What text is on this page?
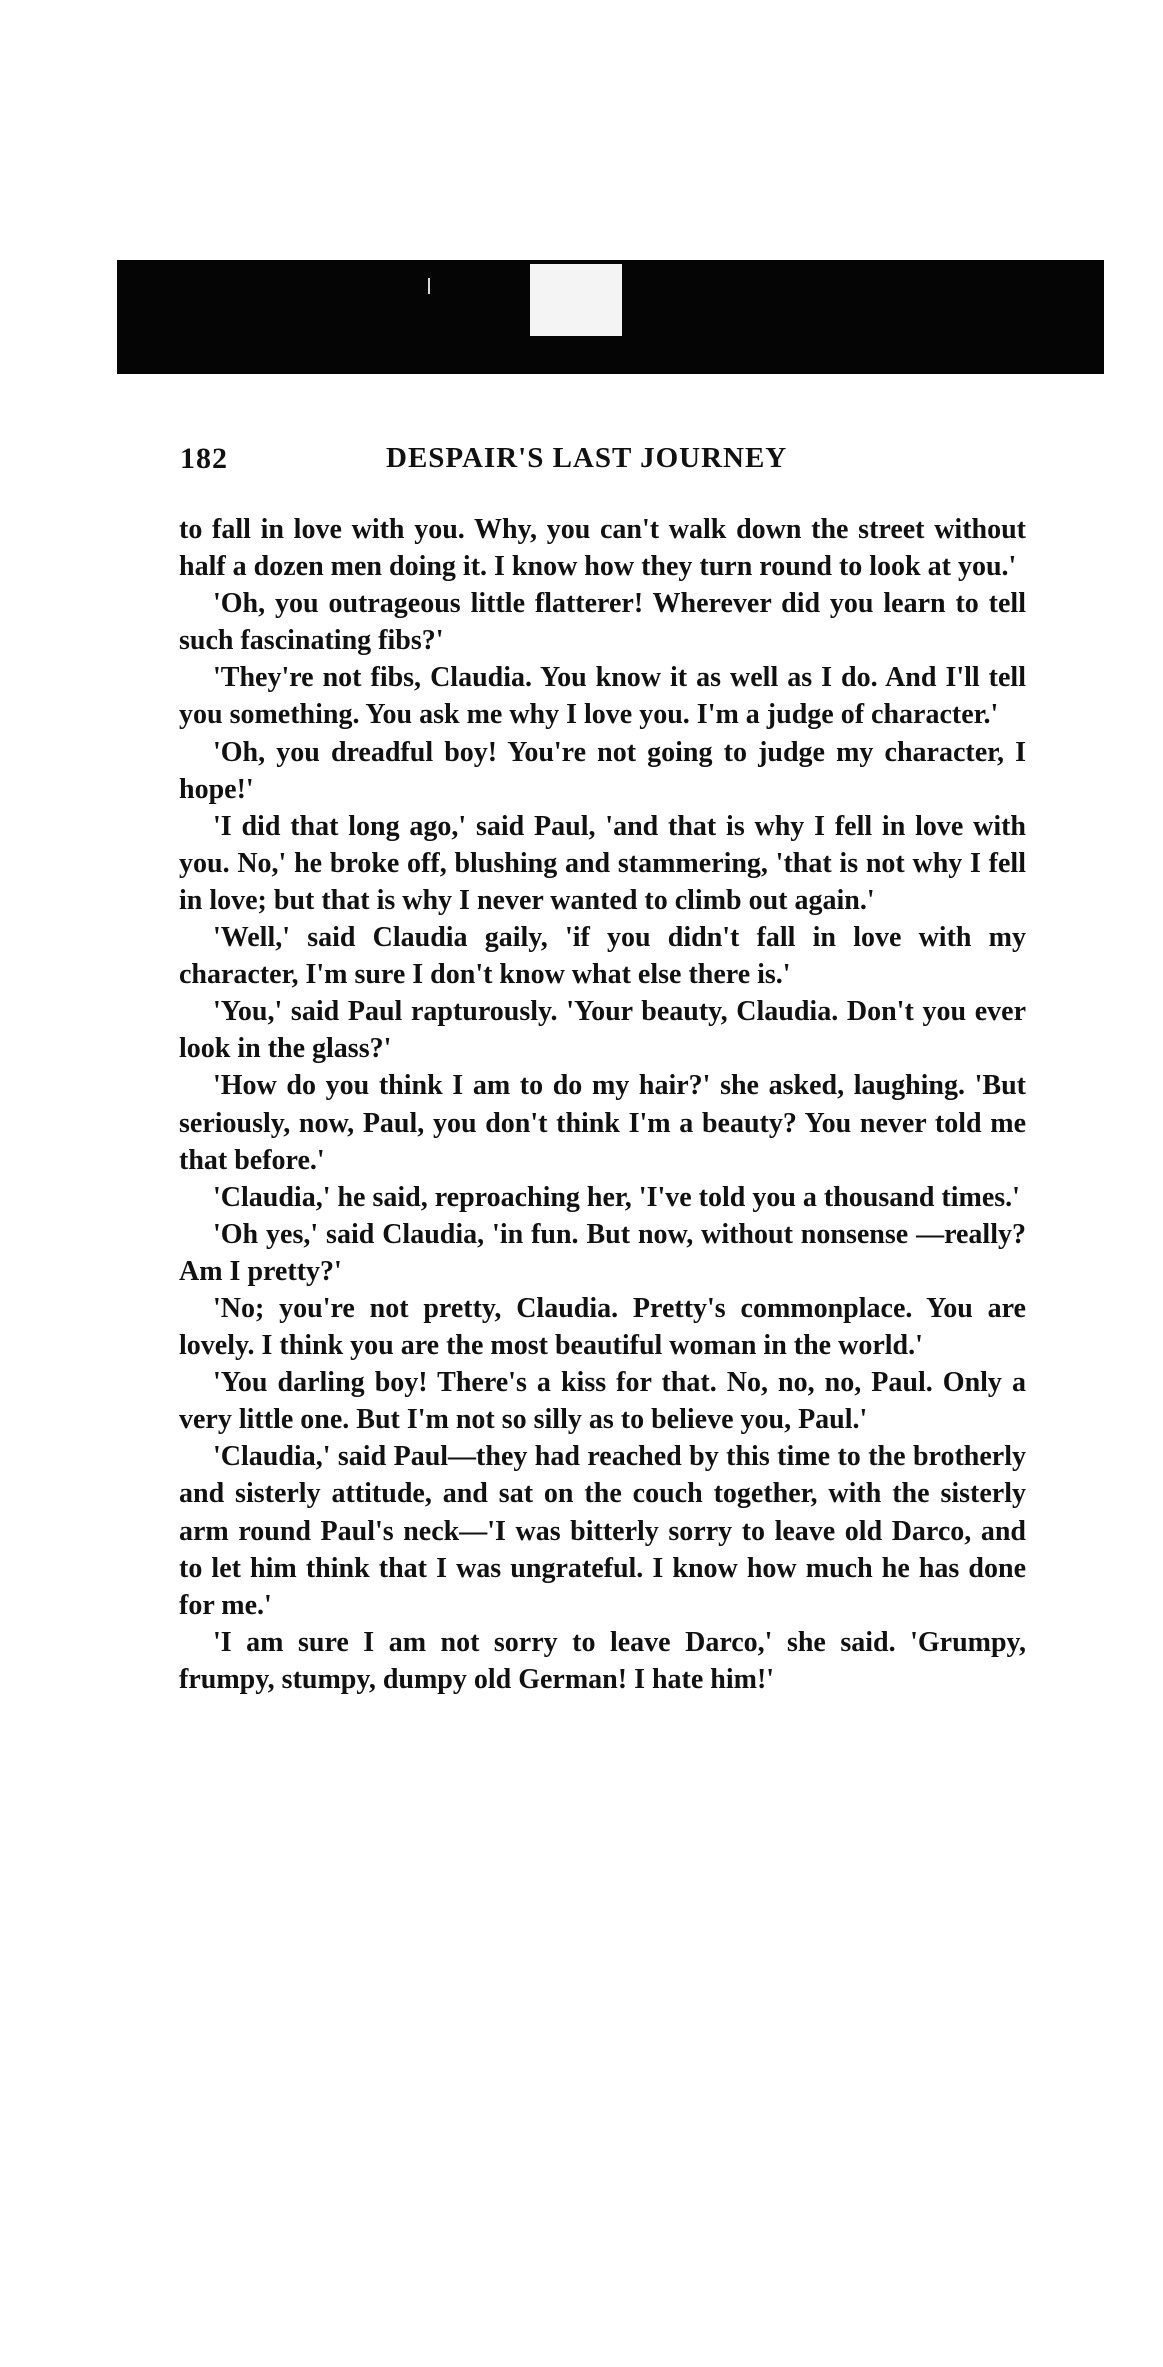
182	DESPAIR'S LAST JOURNEY

to fall in love with you. Why, you can't walk down the street without half a dozen men doing it. I know how they turn round to look at you.'

'Oh, you outrageous little flatterer! Wherever did you learn to tell such fascinating fibs?'

'They're not fibs, Claudia. You know it as well as I do. And I'll tell you something. You ask me why I love you. I'm a judge of character.'

'Oh, you dreadful boy! You're not going to judge my character, I hope!'

'I did that long ago,' said Paul, 'and that is why I fell in love with you. No,' he broke off, blushing and stammering, 'that is not why I fell in love; but that is why I never wanted to climb out again.'

'Well,' said Claudia gaily, 'if you didn't fall in love with my character, I'm sure I don't know what else there is.'

'You,' said Paul rapturously. 'Your beauty, Claudia. Don't you ever look in the glass?'

'How do you think I am to do my hair?' she asked, laughing. 'But seriously, now, Paul, you don't think I'm a beauty? You never told me that before.'

'Claudia,' he said, reproaching her, 'I've told you a thousand times.'

'Oh yes,' said Claudia, 'in fun. But now, without nonsense —really? Am I pretty?'

'No; you're not pretty, Claudia. Pretty's commonplace. You are lovely. I think you are the most beautiful woman in the world.'

'You darling boy! There's a kiss for that. No, no, no, Paul. Only a very little one. But I'm not so silly as to believe you, Paul.'

'Claudia,' said Paul—they had reached by this time to the brotherly and sisterly attitude, and sat on the couch together, with the sisterly arm round Paul's neck—'I was bitterly sorry to leave old Darco, and to let him think that I was ungrateful. I know how much he has done for me.'

'I am sure I am not sorry to leave Darco,' she said. 'Grumpy, frumpy, stumpy, dumpy old German! I hate him!'
